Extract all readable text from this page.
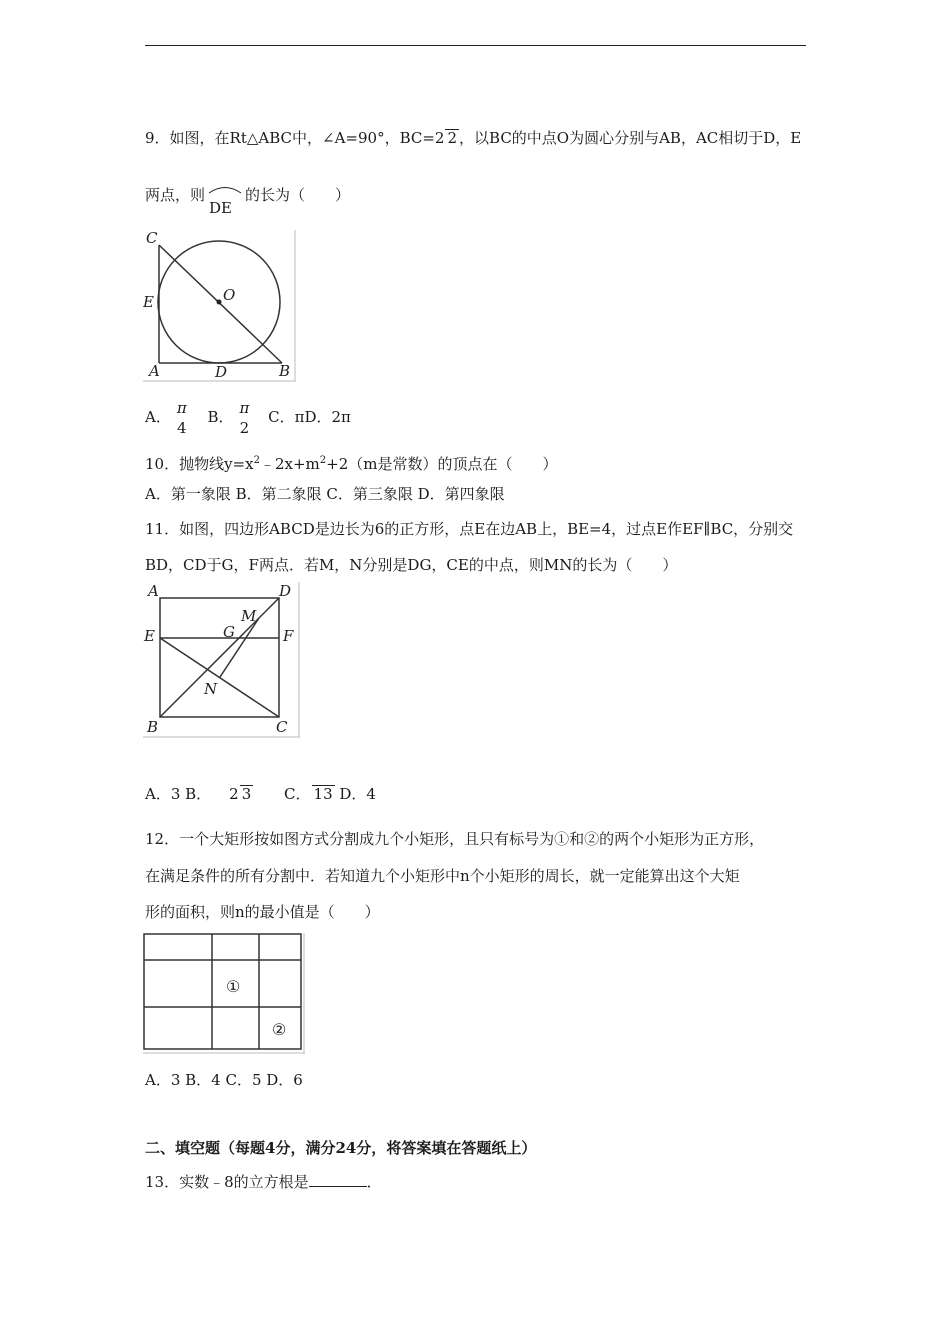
9．如图，在Rt△ABC中，∠A=90°，BC=2 2 ，以BC的中点O为圆心分别与AB，AC相切于D，E
两点，则
DE
的长为（　　）
C
E	O
A	D	B
A． π
4
B． π
2
C．πD．2π
10．抛物线$y=x^2﹣2x+m^2+2(m$是常数）的顶点在（　　）
A．第一象限 B．第二象限 C．第三象限 D．第四象限
11．如图，四边形ABCD是边长为6的正方形，点E在边AB上，BE=4，过点E作EF∥BC，分别交
BD，CD于G，F两点．若M，N分别是DG，CE的中点，则MN的长为（　　）
A	D
M
E	G	F
N
B	C
A．3 B． 2 3 C． 13 D．4
12．一个大矩形按如图方式分割成九个小矩形，且只有标号为①和②的两个小矩形为正方形，
在满足条件的所有分割中．若知道九个小矩形中n个小矩形的周长，就一定能算出这个大矩
形的面积，则n的最小值是（　　）
①
②
A．3 B．4 C．5 D．6
二、填空题（每题4分，满分24分，将答案填在答题纸上）
13．实数﹣8的立方根是	．
